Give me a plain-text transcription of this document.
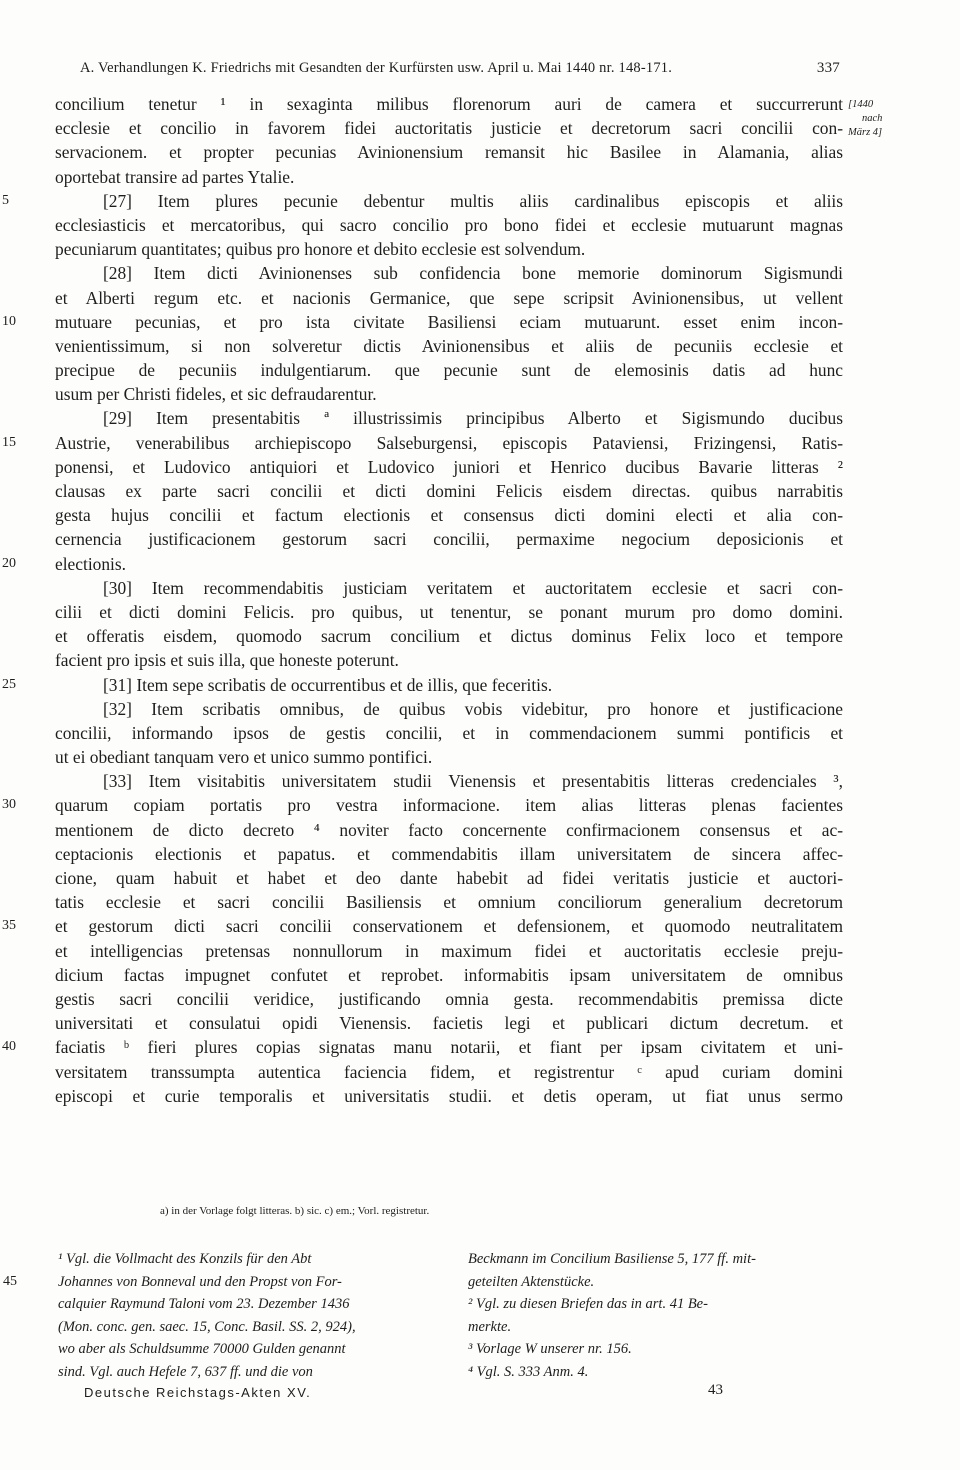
A. Verhandlungen K. Friedrichs mit Gesandten der Kurfürsten usw. April u. Mai 1440 nr. 148-171.	337
[1440
nach
März 4]
concilium tenetur ¹ in sexaginta milibus florenorum auri de camera et succurrerunt
ecclesie et concilio in favorem fidei auctoritatis justicie et decretorum sacri concilii con-
servacionem. et propter pecunias Avinionensium remansit hic Basilee in Alamania, alias
oportebat transire ad partes Ytalie.
5	[27] Item plures pecunie debentur multis aliis cardinalibus episcopis et aliis
ecclesiasticis et mercatoribus, qui sacro concilio pro bono fidei et ecclesie mutuarunt magnas
pecuniarum quantitates; quibus pro honore et debito ecclesie est solvendum.
[28] Item dicti Avinionenses sub confidencia bone memorie dominorum Sigismundi
et Alberti regum etc. et nacionis Germanice, que sepe scripsit Avinionensibus, ut vellent
10	mutuare pecunias, et pro ista civitate Basiliensi eciam mutuarunt. esset enim incon-
venientissimum, si non solveretur dictis Avinionensibus et aliis de pecuniis ecclesie et
precipue de pecuniis indulgentiarum. que pecunie sunt de elemosinis datis ad hunc
usum per Christi fideles, et sic defraudarentur.
[29] Item presentabitis ª illustrissimis principibus Alberto et Sigismundo ducibus
15	Austrie, venerabilibus archiepiscopo Salseburgensi, episcopis Pataviensi, Frizingensi, Ratis-
ponensi, et Ludovico antiquiori et Ludovico juniori et Henrico ducibus Bavarie litteras ²
clausas ex parte sacri concilii et dicti domini Felicis eisdem directas. quibus narrabitis
gesta hujus concilii et factum electionis et consensus dicti domini electi et alia con-
cernencia justificacionem gestorum sacri concilii, permaxime negocium deposicionis et
20	electionis.
[30] Item recommendabitis justiciam veritatem et auctoritatem ecclesie et sacri con-
cilii et dicti domini Felicis. pro quibus, ut tenentur, se ponant murum pro domo domini.
et offeratis eisdem, quomodo sacrum concilium et dictus dominus Felix loco et tempore
facient pro ipsis et suis illa, que honeste poterunt.
25	[31] Item sepe scribatis de occurrentibus et de illis, que feceritis.
[32] Item scribatis omnibus, de quibus vobis videbitur, pro honore et justificacione
concilii, informando ipsos de gestis concilii, et in commendacionem summi pontificis et
ut ei obediant tanquam vero et unico summo pontifici.
[33] Item visitabitis universitatem studii Vienensis et presentabitis litteras credenciales ³,
30	quarum copiam portatis pro vestra informacione. item alias litteras plenas facientes
mentionem de dicto decreto ⁴ noviter facto concernente confirmacionem consensus et ac-
ceptacionis electionis et papatus. et commendabitis illam universitatem de sincera affec-
cione, quam habuit et habet et deo dante habebit ad fidei veritatis justicie et auctori-
tatis ecclesie et sacri concilii Basiliensis et omnium conciliorum generalium decretorum
35	et gestorum dicti sacri concilii conservationem et defensionem, et quomodo neutralitatem
et intelligencias pretensas nonnullorum in maximum fidei et auctoritatis ecclesie preju-
dicium factas impugnet confutet et reprobet. informabitis ipsam universitatem de omnibus
gestis sacri concilii veridice, justificando omnia gesta. recommendabitis premissa dicte
universitati et consulatui opidi Vienensis. facietis legi et publicari dictum decretum. et
40	faciatis ᵇ fieri plures copias signatas manu notarii, et fiant per ipsam civitatem et uni-
versitatem transsumpta autentica faciencia fidem, et registrentur ᶜ apud curiam domini
episcopi et curie temporalis et universitatis studii. et detis operam, ut fiat unus sermo
a) in der Vorlage folgt litteras. b) sic. c) em.; Vorl. registretur.
¹ Vgl. die Vollmacht des Konzils für den Abt
45	Johannes von Bonneval und den Propst von For-
calquier Raymund Taloni vom 23. Dezember 1436
(Mon. conc. gen. saec. 15, Conc. Basil. SS. 2, 924),
wo aber als Schuldsumme 70000 Gulden genannt
sind. Vgl. auch Hefele 7, 637 ff. und die von
Beckmann im Concilium Basiliense 5, 177 ff. mit-
geteilten Aktenstücke.
² Vgl. zu diesen Briefen das in art. 41 Be-
merkte.
³ Vorlage W unserer nr. 156.
⁴ Vgl. S. 333 Anm. 4.
Deutsche Reichstags-Akten XV.	43
